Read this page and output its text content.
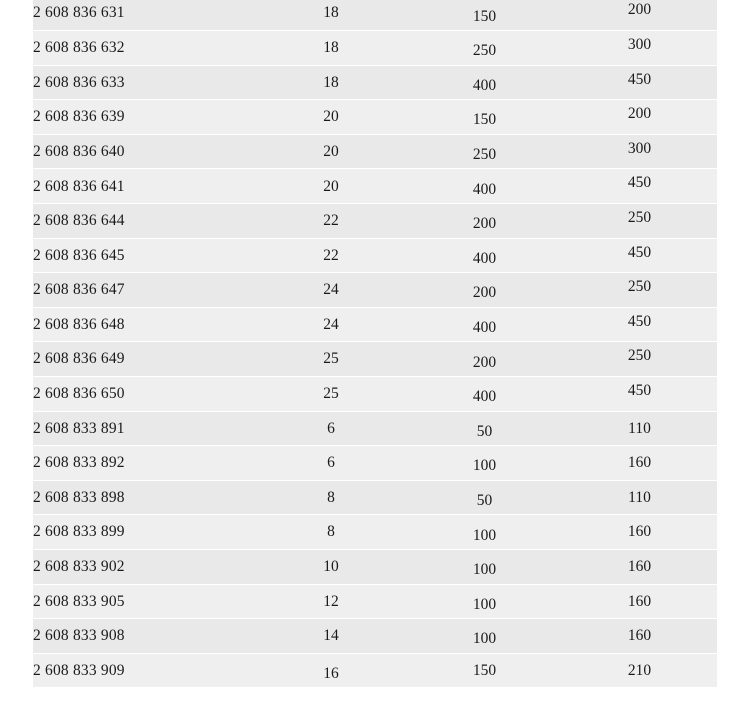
2 608 836 631	18	150	200
2 608 836 632	18	250	300
2 608 836 633	18	400	450
2 608 836 639	20	150	200
2 608 836 640	20	250	300
2 608 836 641	20	400	450
2 608 836 644	22	200	250
2 608 836 645	22	400	450
2 608 836 647	24	200	250
2 608 836 648	24	400	450
2 608 836 649	25	200	250
2 608 836 650	25	400	450
2 608 833 891	6	50	110
2 608 833 892	6	100	160
2 608 833 898	8	50	110
2 608 833 899	8	100	160
2 608 833 902	10	100	160
2 608 833 905	12	100	160
2 608 833 908	14	100	160
2 608 833 909	16	150	210
